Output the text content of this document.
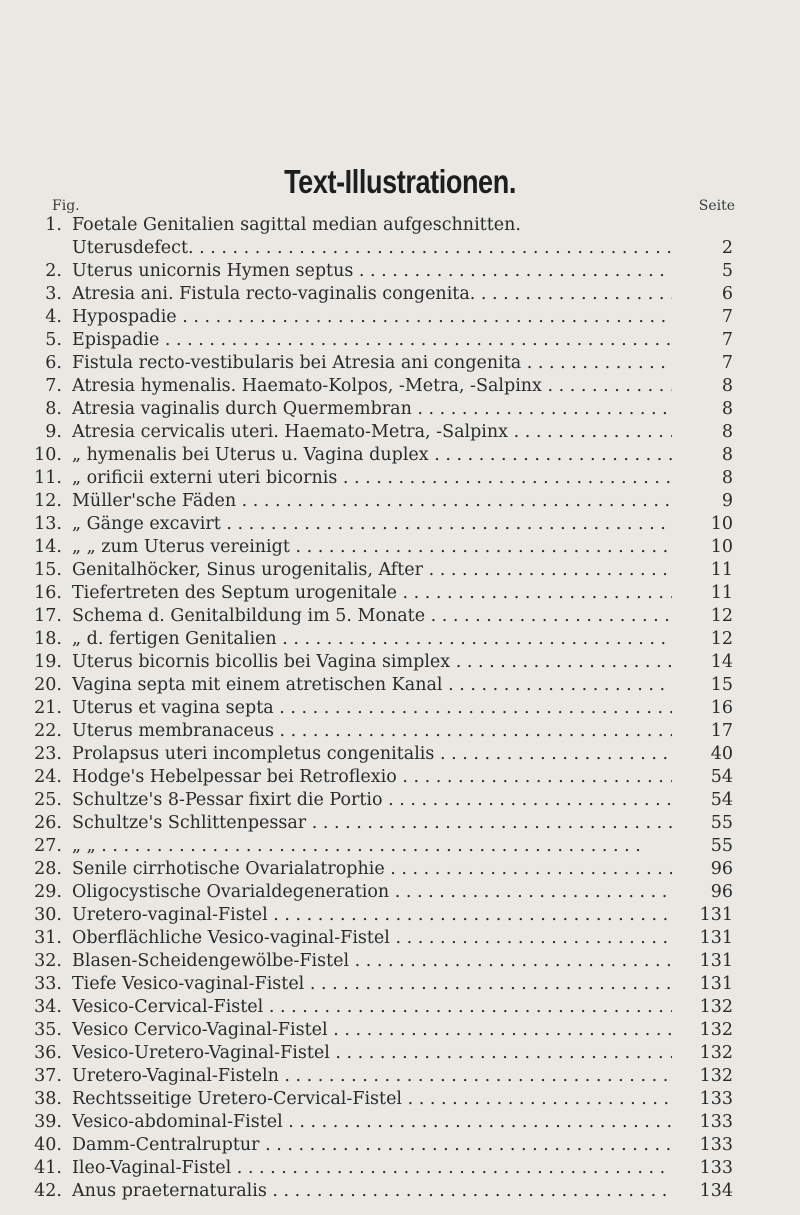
Text-Illustrationen.
Fig.	Seite
1. Foetale Genitalien sagittal median aufgeschnitten.
Uterusdefect. . . .	2
2. Uterus unicornis Hymen septus . . .	5
3. Atresia ani. Fistula recto-vaginalis congenita. . . .	6
4. Hypospadie . . .	7
5. Epispadie . . .	7
6. Fistula recto-vestibularis bei Atresia ani congenita . . .	7
7. Atresia hymenalis. Haemato-Kolpos, -Metra, -Salpinx . . .	8
8. Atresia vaginalis durch Quermembran . . .	8
9. Atresia cervicalis uteri. Haemato-Metra, -Salpinx . . .	8
10. „ hymenalis bei Uterus u. Vagina duplex . . .	8
11. „ orificii externi uteri bicornis . . .	8
12. Müller'sche Fäden . . .	9
13. „ Gänge excavirt . . .	10
14. „ „ zum Uterus vereinigt . . .	10
15. Genitalhöcker, Sinus urogenitalis, After . . .	11
16. Tiefertreten des Septum urogenitale . . .	11
17. Schema d. Genitalbildung im 5. Monate . . .	12
18. „ d. fertigen Genitalien . . .	12
19. Uterus bicornis bicollis bei Vagina simplex . . .	14
20. Vagina septa mit einem atretischen Kanal . . .	15
21. Uterus et vagina septa . . .	16
22. Uterus membranaceus . . .	17
23. Prolapsus uteri incompletus congenitalis . . .	40
24. Hodge's Hebelpessar bei Retroflexio . . .	54
25. Schultze's 8-Pessar fixirt die Portio . . .	54
26. Schultze's Schlittenpessar . . .	55
27. „ „ . . .	55
28. Senile cirrhotische Ovarialatrophie . . .	96
29. Oligocystische Ovarialdegeneration . . .	96
30. Uretero-vaginal-Fistel . . .	131
31. Oberflächliche Vesico-vaginal-Fistel . . .	131
32. Blasen-Scheidengewölbe-Fistel . . .	131
33. Tiefe Vesico-vaginal-Fistel . . .	131
34. Vesico-Cervical-Fistel . . .	132
35. Vesico Cervico-Vaginal-Fistel . . .	132
36. Vesico-Uretero-Vaginal-Fistel . . .	132
37. Uretero-Vaginal-Fisteln . . .	132
38. Rechtsseitige Uretero-Cervical-Fistel . . .	133
39. Vesico-abdominal-Fistel . . .	133
40. Damm-Centralruptur . . .	133
41. Ileo-Vaginal-Fistel . . .	133
42. Anus praeternaturalis . . .	134
